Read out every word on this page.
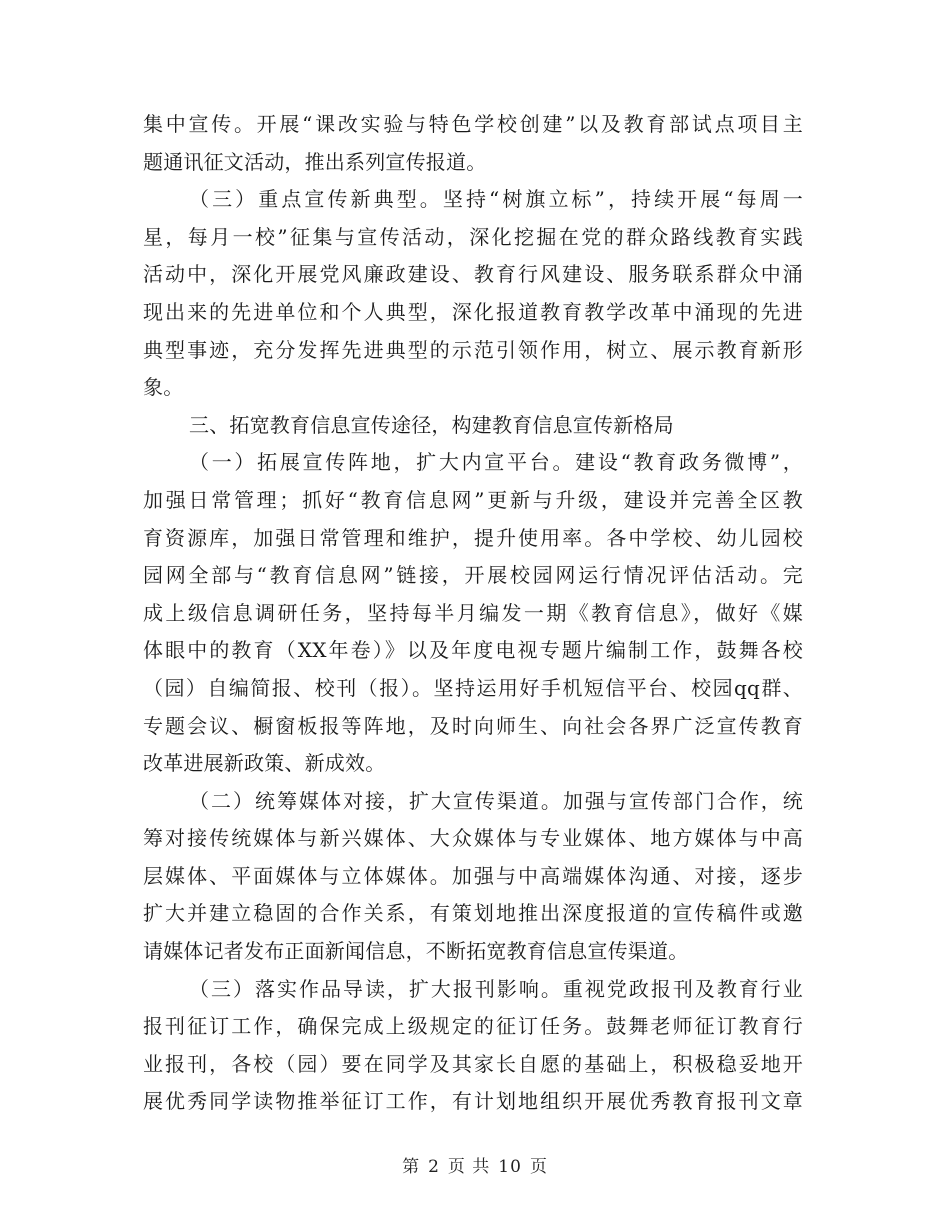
集中宣传。开展“课改实验与特色学校创建”以及教育部试点项目主
题通讯征文活动，推出系列宣传报道。
（三）重点宣传新典型。坚持“树旗立标”，持续开展“每周一
星，每月一校”征集与宣传活动，深化挖掘在党的群众路线教育实践
活动中，深化开展党风廉政建设、教育行风建设、服务联系群众中涌
现出来的先进单位和个人典型，深化报道教育教学改革中涌现的先进
典型事迹，充分发挥先进典型的示范引领作用，树立、展示教育新形
象。
三、拓宽教育信息宣传途径，构建教育信息宣传新格局
（一）拓展宣传阵地，扩大内宣平台。建设“教育政务微博”，
加强日常管理；抓好“教育信息网”更新与升级，建设并完善全区教
育资源库，加强日常管理和维护，提升使用率。各中学校、幼儿园校
园网全部与“教育信息网”链接，开展校园网运行情况评估活动。完
成上级信息调研任务，坚持每半月编发一期《教育信息》，做好《媒
体眼中的教育（XX年卷）》以及年度电视专题片编制工作，鼓舞各校
（园）自编简报、校刊（报）。坚持运用好手机短信平台、校园qq群、
专题会议、橱窗板报等阵地，及时向师生、向社会各界广泛宣传教育
改革进展新政策、新成效。
（二）统筹媒体对接，扩大宣传渠道。加强与宣传部门合作，统
筹对接传统媒体与新兴媒体、大众媒体与专业媒体、地方媒体与中高
层媒体、平面媒体与立体媒体。加强与中高端媒体沟通、对接，逐步
扩大并建立稳固的合作关系，有策划地推出深度报道的宣传稿件或邀
请媒体记者发布正面新闻信息，不断拓宽教育信息宣传渠道。
（三）落实作品导读，扩大报刊影响。重视党政报刊及教育行业
报刊征订工作，确保完成上级规定的征订任务。鼓舞老师征订教育行
业报刊，各校（园）要在同学及其家长自愿的基础上，积极稳妥地开
展优秀同学读物推举征订工作，有计划地组织开展优秀教育报刊文章
第 2 页 共 10 页
